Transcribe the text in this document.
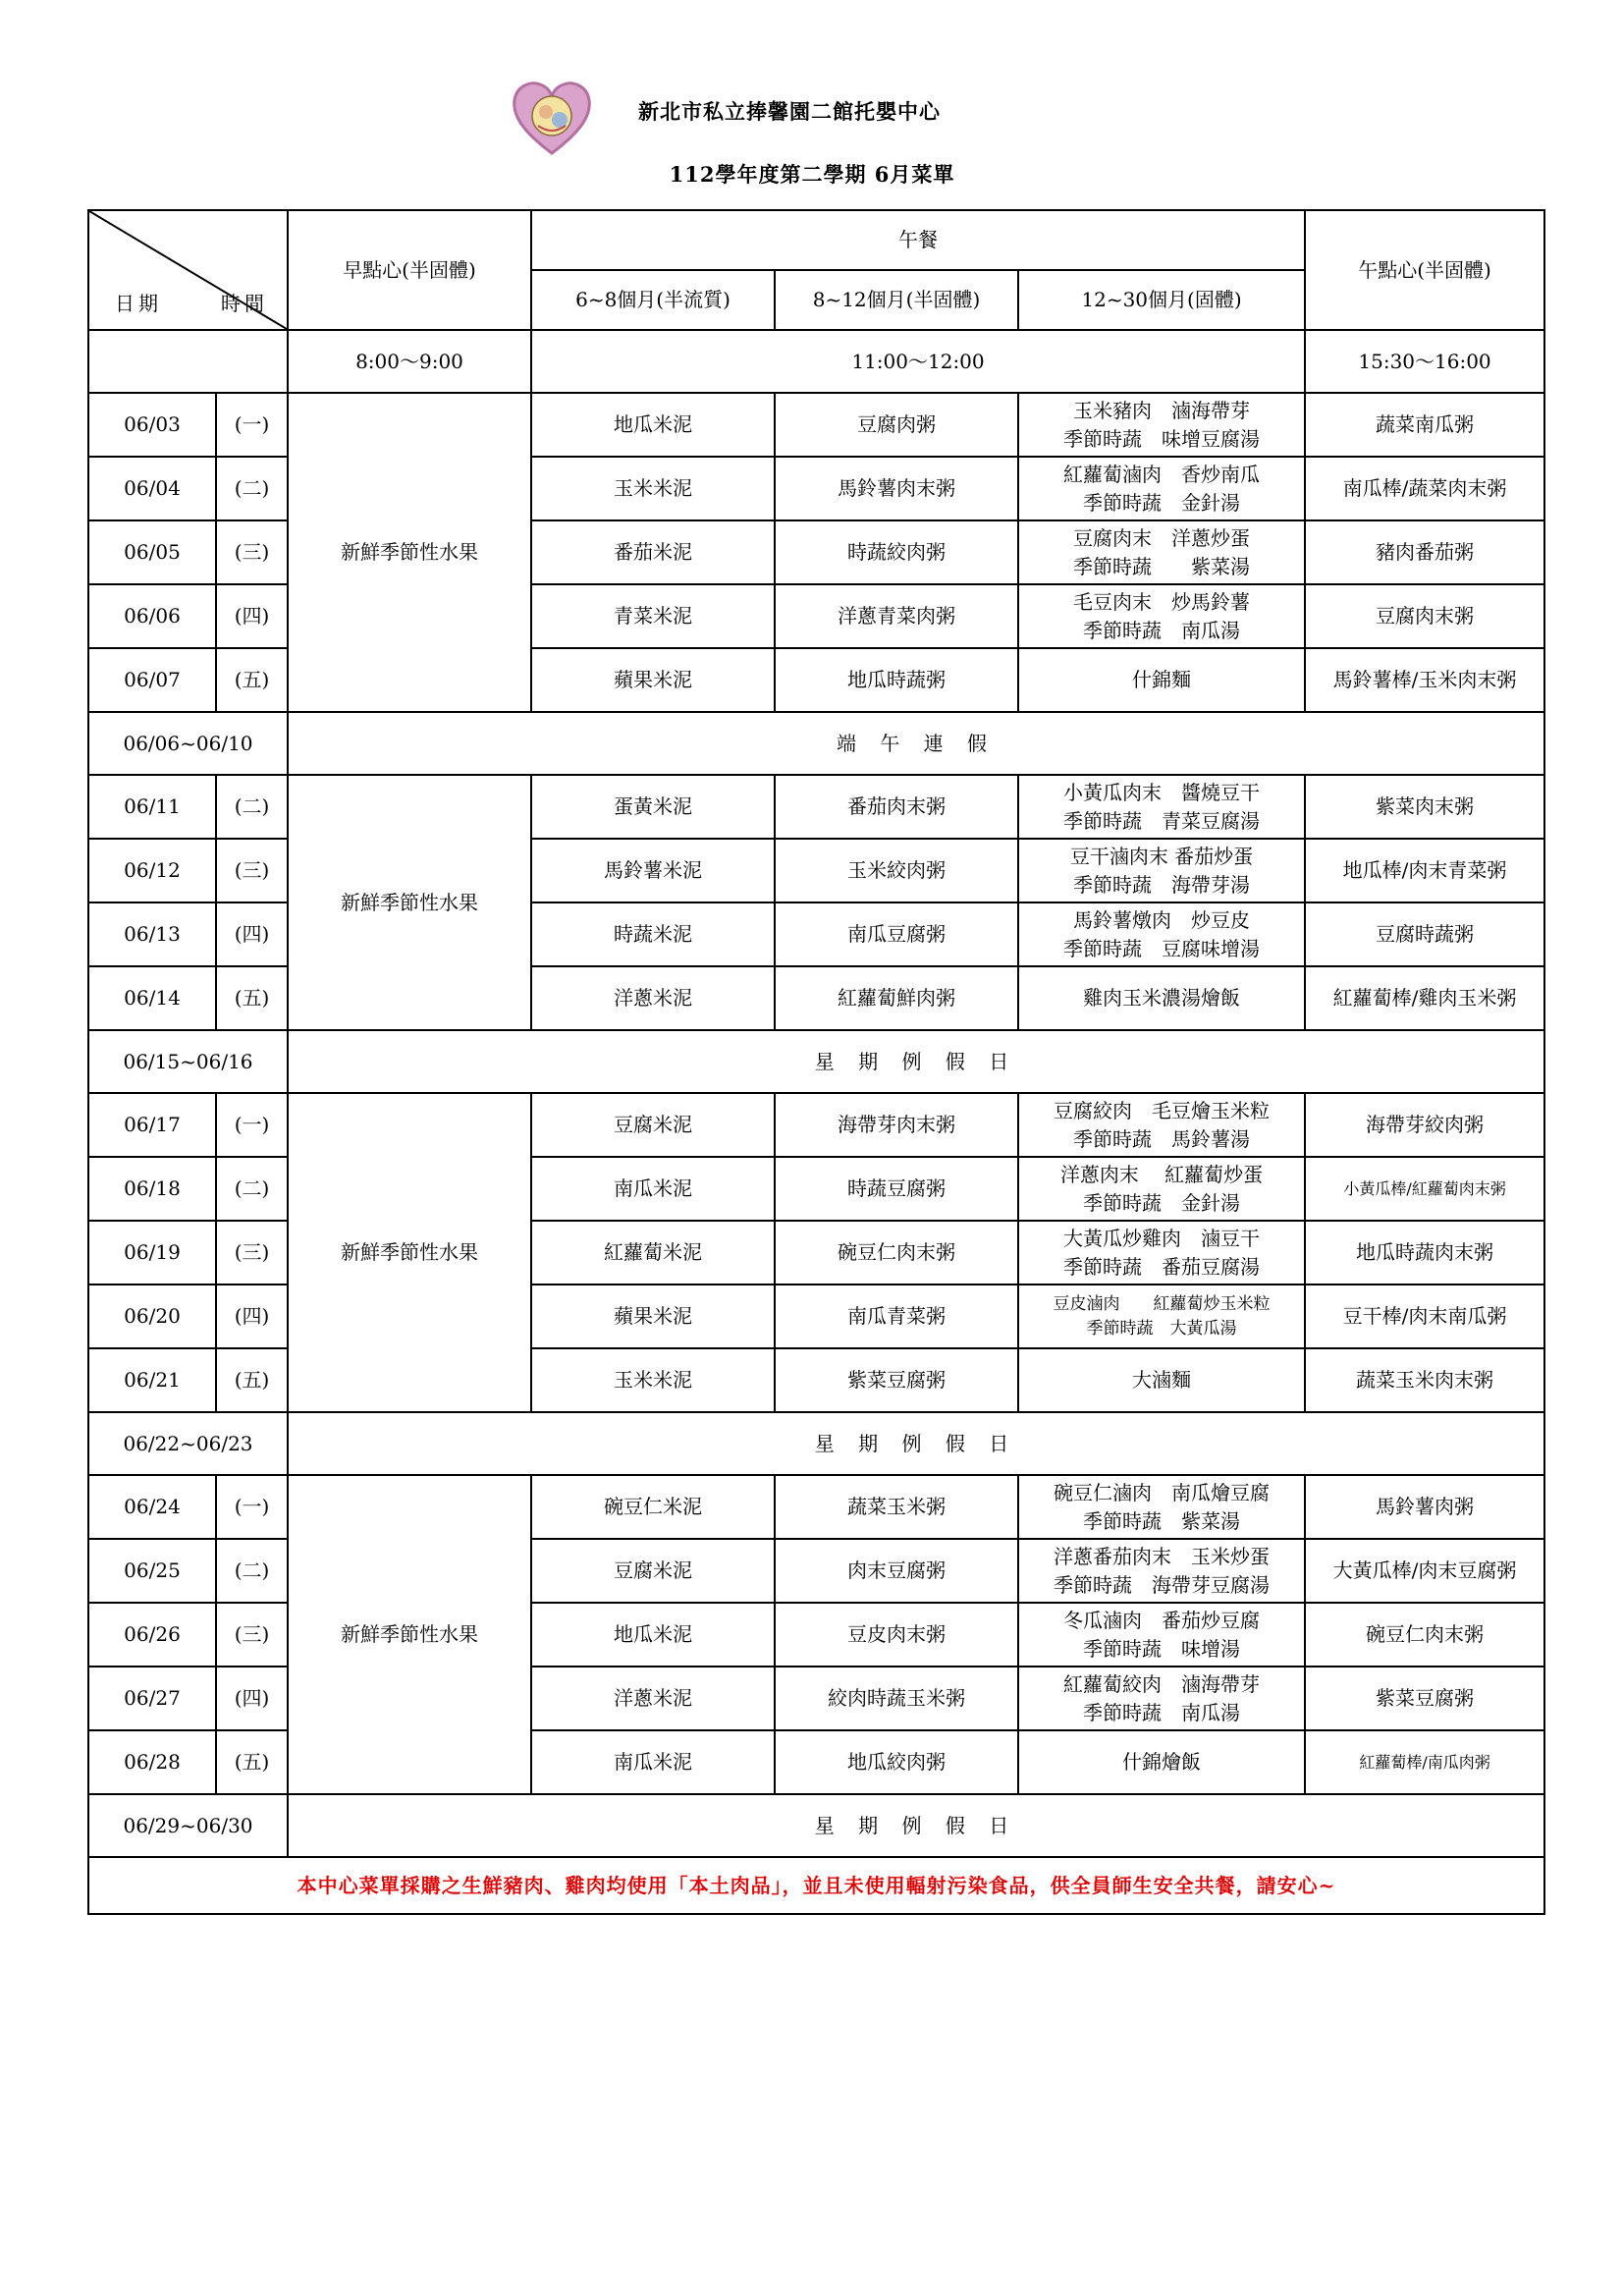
新北市私立捧馨園二館托嬰中心
112學年度第二學期 6月菜單
日期 時間		早點心(半固體)	午餐			午點心(半固體)
			6~8個月(半流質)	8~12個月(半固體)	12~30個月(固體)	
		8:00～9:00	11:00～12:00			15:30～16:00
06/03	(一)	新鮮季節性水果	地瓜米泥	豆腐肉粥	玉米豬肉　滷海帶芽
季節時蔬　味增豆腐湯	蔬菜南瓜粥
06/04	(二)		玉米米泥	馬鈴薯肉末粥	紅蘿蔔滷肉　香炒南瓜
季節時蔬　金針湯	南瓜棒/蔬菜肉末粥
06/05	(三)		番茄米泥	時蔬絞肉粥	豆腐肉末　洋蔥炒蛋
季節時蔬　　紫菜湯	豬肉番茄粥
06/06	(四)		青菜米泥	洋蔥青菜肉粥	毛豆肉末　炒馬鈴薯
季節時蔬　南瓜湯	豆腐肉末粥
06/07	(五)		蘋果米泥	地瓜時蔬粥	什錦麵	馬鈴薯棒/玉米肉末粥
06/06~06/10		端 午 連 假				
06/11	(二)	新鮮季節性水果	蛋黃米泥	番茄肉末粥	小黃瓜肉末　醬燒豆干
季節時蔬　青菜豆腐湯	紫菜肉末粥
06/12	(三)		馬鈴薯米泥	玉米絞肉粥	豆干滷肉末 番茄炒蛋
季節時蔬　海帶芽湯	地瓜棒/肉末青菜粥
06/13	(四)		時蔬米泥	南瓜豆腐粥	馬鈴薯燉肉　炒豆皮
季節時蔬　豆腐味增湯	豆腐時蔬粥
06/14	(五)		洋蔥米泥	紅蘿蔔鮮肉粥	雞肉玉米濃湯燴飯	紅蘿蔔棒/雞肉玉米粥
06/15~06/16		星 期 例 假 日				
06/17	(一)	新鮮季節性水果	豆腐米泥	海帶芽肉末粥	豆腐絞肉　毛豆燴玉米粒
季節時蔬　馬鈴薯湯	海帶芽絞肉粥
06/18	(二)		南瓜米泥	時蔬豆腐粥	洋蔥肉末　 紅蘿蔔炒蛋
季節時蔬　金針湯	小黃瓜棒/紅蘿蔔肉末粥
06/19	(三)		紅蘿蔔米泥	碗豆仁肉末粥	大黃瓜炒雞肉　滷豆干
季節時蔬　番茄豆腐湯	地瓜時蔬肉末粥
06/20	(四)		蘋果米泥	南瓜青菜粥	豆皮滷肉　　紅蘿蔔炒玉米粒
季節時蔬　大黃瓜湯	豆干棒/肉末南瓜粥
06/21	(五)		玉米米泥	紫菜豆腐粥	大滷麵	蔬菜玉米肉末粥
06/22~06/23		星 期 例 假 日				
06/24	(一)	新鮮季節性水果	碗豆仁米泥	蔬菜玉米粥	碗豆仁滷肉　南瓜燴豆腐
季節時蔬　紫菜湯	馬鈴薯肉粥
06/25	(二)		豆腐米泥	肉末豆腐粥	洋蔥番茄肉末　玉米炒蛋
季節時蔬　海帶芽豆腐湯	大黃瓜棒/肉末豆腐粥
06/26	(三)		地瓜米泥	豆皮肉末粥	冬瓜滷肉　番茄炒豆腐
季節時蔬　味增湯	碗豆仁肉末粥
06/27	(四)		洋蔥米泥	絞肉時蔬玉米粥	紅蘿蔔絞肉　滷海帶芽
季節時蔬　南瓜湯	紫菜豆腐粥
06/28	(五)		南瓜米泥	地瓜絞肉粥	什錦燴飯	紅蘿蔔棒/南瓜肉粥
06/29~06/30		星 期 例 假 日				
本中心菜單採購之生鮮豬肉、雞肉均使用「本土肉品」，並且未使用輻射污染食品，供全員師生安全共餐，請安心~						
